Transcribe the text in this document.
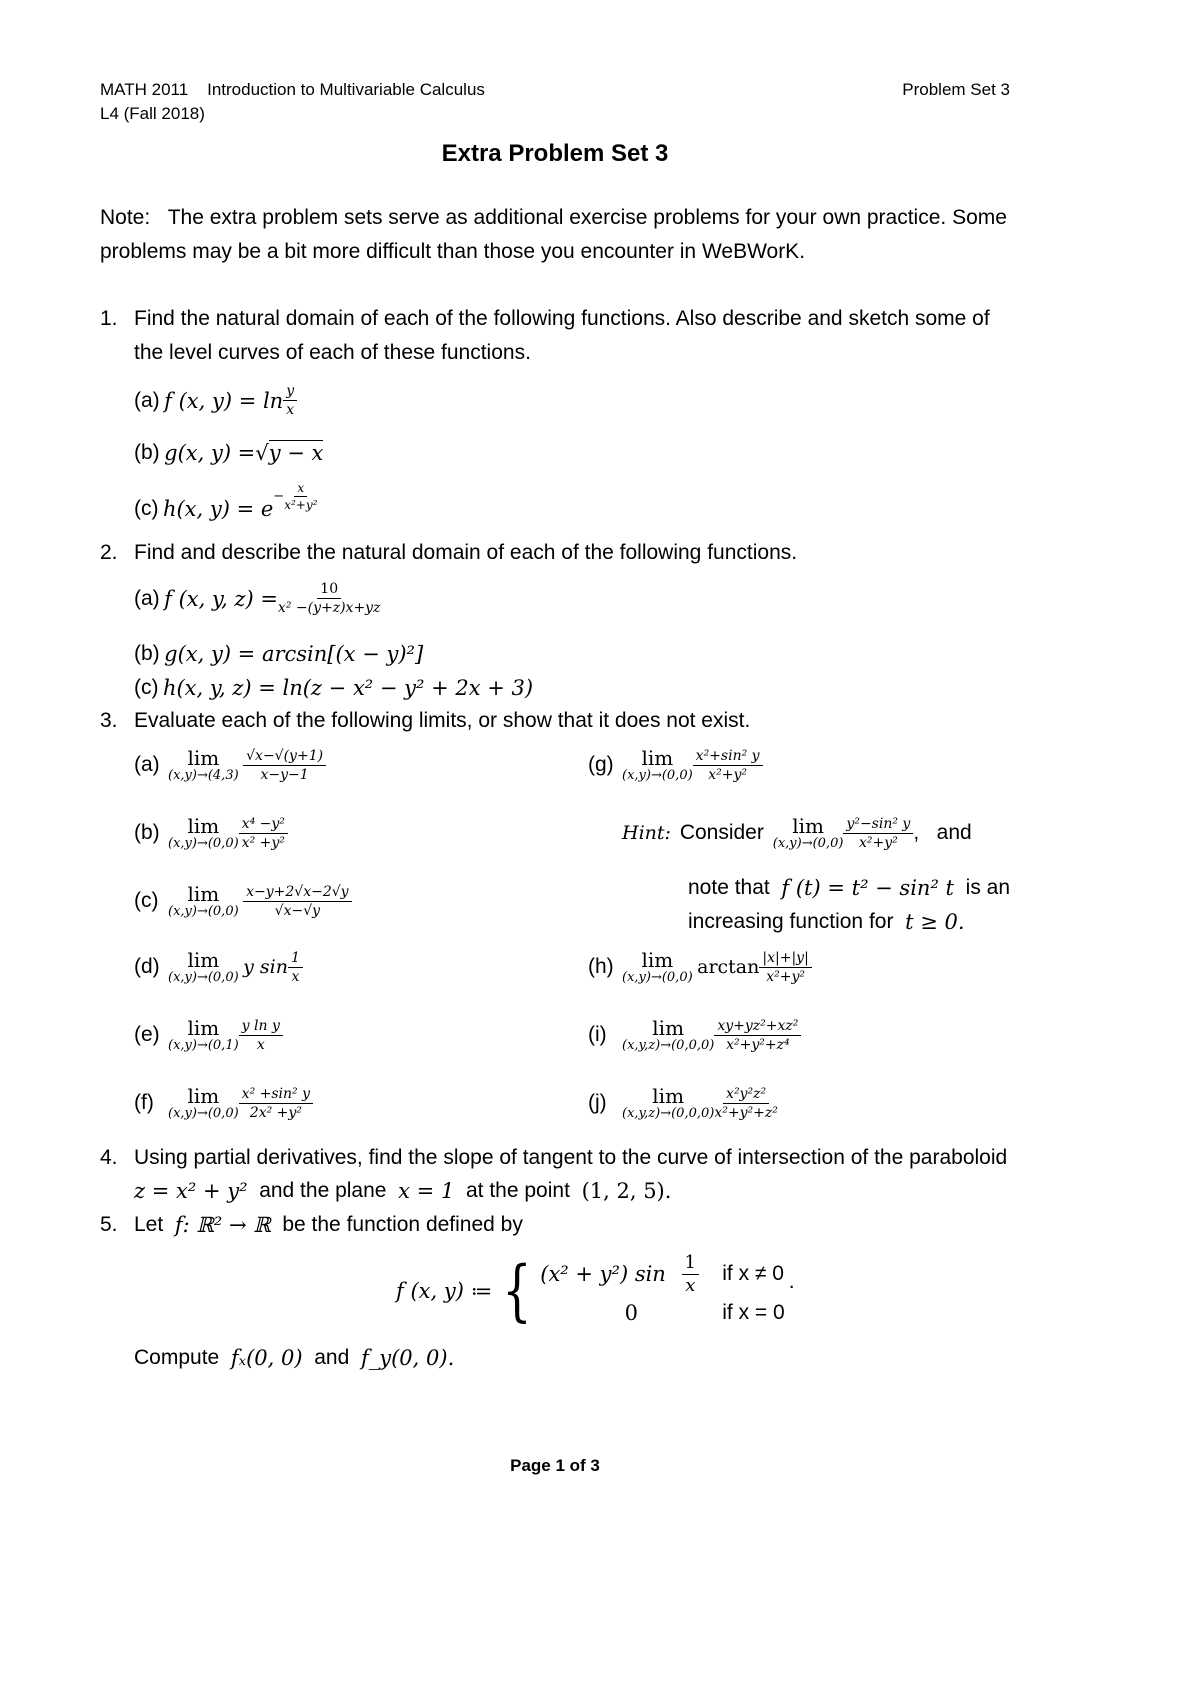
MATH 2011 Introduction to Multivariable Calculus
L4 (Fall 2018)
Problem Set 3
Extra Problem Set 3
Note: The extra problem sets serve as additional exercise problems for your own practice. Some
problems may be a bit more difficult than those you encounter in WeBWorK.
1. Find the natural domain of each of the following functions. Also describe and sketch some of
the level curves of each of these functions.
(a)
f (x, $y) = \ln \frac{y}{x}$
(b)
g(x, y) = √ y − x
(c)
h(x, $y) = e - \frac{x}{\text{x²+y²}}$
2. Find and describe the natural domain of each of the following functions.
(a)
f (x, y, $z) = \frac{10}{\text{x² −(y+z)x+yz}}$
(b)
g(x, y) = arcsin[(x − y)²]
(c)
h(x, y, z) = ln(z − x² − y² + 2x + 3)
3. Evaluate each of the following limits, or show that it does not exist.
(a)	lim
(x,y)→(4,3)
$\frac{√x-√(y+1)}{x-y-1}$
(b)	lim
$(x,y)\to(0,0) \frac{\text{x⁴ −y²}}{\text{x² +y²}}$
(c)	lim
(x,y)→(0,0)
$\frac{x-y+2√x-2√y}{√x-√y}$
(d)	lim
(x,y)→(0,0)
y $\sin \frac{1}{x}$
(e)	lim
$(x,y)\to(0,1) \frac{\text{y ln y}}{x}$
(f)	lim
$(x,y)\to(0,0) \frac{\text{x² +sin² y}}{\text{2x² +y²}}$
(g)	lim
$(x,y)\to(0,0) \frac{\text{x²+sin² y}}{\text{x²+y²}}$
Hint:
Consider
lim
$(x,y)\to(0,0) \frac{\text{y²−sin² y}}{\text{x²+y²}}$ ,   and
note that
f (t) = t² − sin² t
is an
increasing function for
t ≥ 0.
(h)	lim
(x,y)→(0,0)
$\arctan \frac{|x|+|y|}{\text{x²+y²}}$
(i)	lim
$(x,y,z)\to(0,0,0) \frac{\text{xy+yz²+xz²}}{\text{x²+y²+z⁴}}$
(j)	lim
$(x,y,z)\to(0,0,0) \frac{\text{x²y²z²}}{\text{x²+y²+z²}}$
4. Using partial derivatives, find the slope of tangent to the curve of intersection of the paraboloid
z = x² + y²
and the plane
x = 1
at the point
(1, 2, 5).
5. Let
f: ℝ² → ℝ
be the function defined by
f (x, y) ≔ { (x² + y²) $\sin \frac{1}{x}$ if x ≠ 0
0	if x = 0
.
Compute
fₓ(0, 0)
and
f_y(0, 0).
Page 1 of 3
